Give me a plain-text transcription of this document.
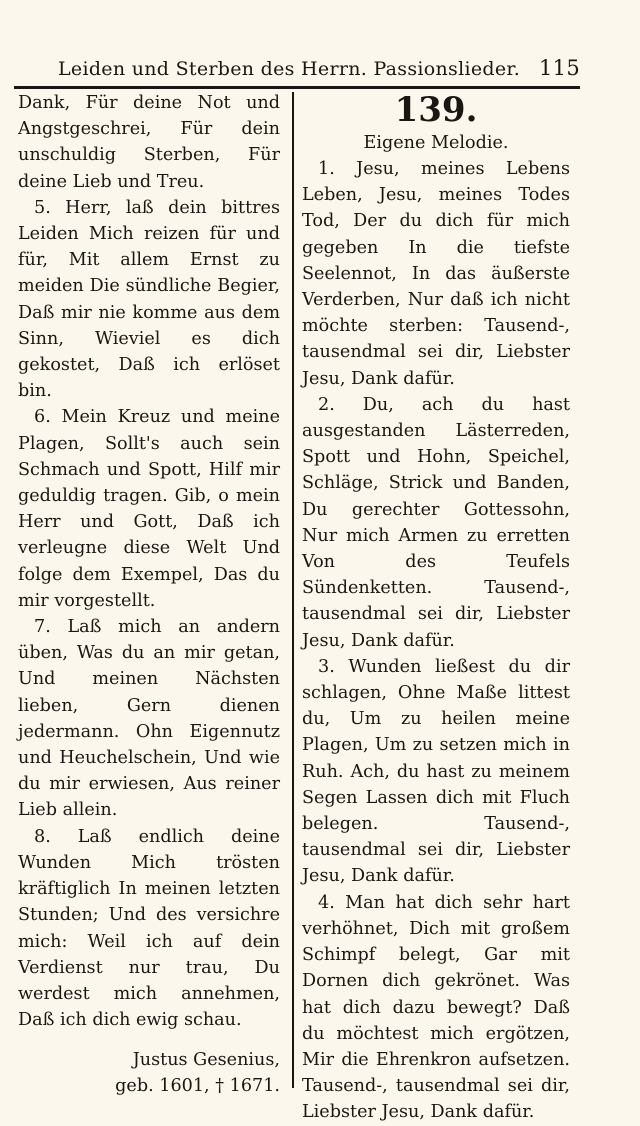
Leiden und Sterben des Herrn. Passionslieder. 115

Dank, Für deine Not und Angstgeschrei, Für dein unschuldig Sterben, Für deine Lieb und Treu.

5. Herr, laß dein bittres Leiden Mich reizen für und für, Mit allem Ernst zu meiden Die sündliche Begier, Daß mir nie komme aus dem Sinn, Wieviel es dich gekostet, Daß ich erlöset bin.

6. Mein Kreuz und meine Plagen, Sollt's auch sein Schmach und Spott, Hilf mir geduldig tragen. Gib, o mein Herr und Gott, Daß ich verleugne diese Welt Und folge dem Exempel, Das du mir vorgestellt.

7. Laß mich an andern üben, Was du an mir getan, Und meinen Nächsten lieben, Gern dienen jedermann. Ohn Eigennutz und Heuchelschein, Und wie du mir erwiesen, Aus reiner Lieb allein.

8. Laß endlich deine Wunden Mich trösten kräftiglich In meinen letzten Stunden; Und des versichre mich: Weil ich auf dein Verdienst nur trau, Du werdest mich annehmen, Daß ich dich ewig schau.

Justus Gesenius,
geb. 1601, † 1671.

139.

Eigene Melodie.

1. Jesu, meines Lebens Leben, Jesu, meines Todes Tod, Der du dich für mich gegeben In die tiefste Seelennot, In das äußerste Verderben, Nur daß ich nicht möchte sterben: Tausend-, tausendmal sei dir, Liebster Jesu, Dank dafür.

2. Du, ach du hast ausgestanden Lästerreden, Spott und Hohn, Speichel, Schläge, Strick und Banden, Du gerechter Gottessohn, Nur mich Armen zu erretten Von des Teufels Sündenketten. Tausend-, tausendmal sei dir, Liebster Jesu, Dank dafür.

3. Wunden ließest du dir schlagen, Ohne Maße littest du, Um zu heilen meine Plagen, Um zu setzen mich in Ruh. Ach, du hast zu meinem Segen Lassen dich mit Fluch belegen. Tausend-, tausendmal sei dir, Liebster Jesu, Dank dafür.

4. Man hat dich sehr hart verhöhnet, Dich mit großem Schimpf belegt, Gar mit Dornen dich gekrönet. Was hat dich dazu bewegt? Daß du möchtest mich ergötzen, Mir die Ehrenkron aufsetzen. Tausend-, tausendmal sei dir, Liebster Jesu, Dank dafür.
